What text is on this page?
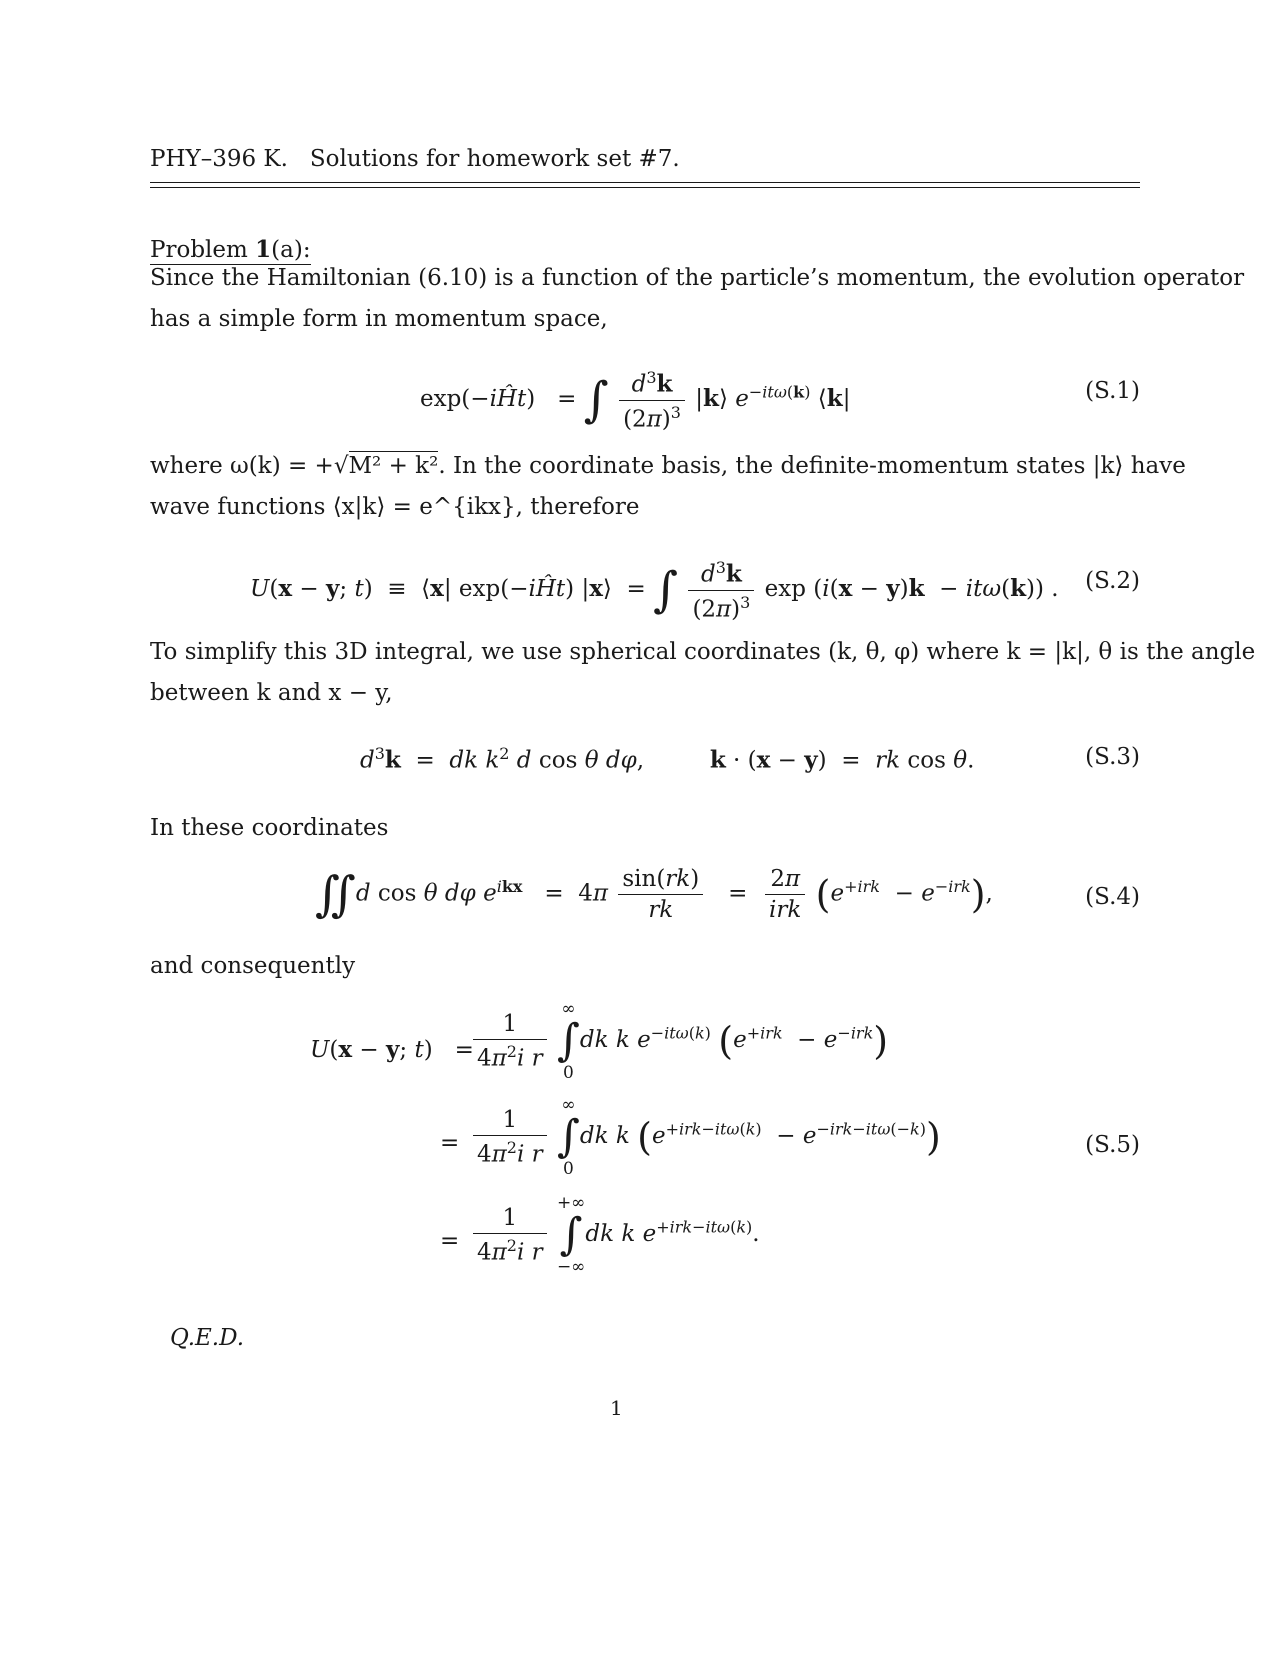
PHY–396 K. Solutions for homework set #7.
Problem 1(a):
Since the Hamiltonian (6.10) is a function of the particle’s momentum, the evolution operator
has a simple form in momentum space,
exp(−iĤt)   = ∫ $\frac{d^3k}{(2\pi)^3}$ |k⟩ $e^{-it\omega(k)}$ ⟨k|	(S.1)
where ω(k) = +√M² + k². In the coordinate basis, the definite-momentum states |k⟩ have
wave functions ⟨x|k⟩ = e^{ikx}, therefore
U(x − y; t)  ≡  ⟨x| exp(−iĤt) |x⟩  = ∫ $\frac{d^3k}{(2\pi)^3}$ exp (i(x − y)k  − itω(k)) . (S.2)
To simplify this 3D integral, we use spherical coordinates (k, θ, φ) where k = |k|, θ is the angle
between k and x − y,
$d^3k$  =  dk $k^2$ d cos θ dφ,         k · (x − y)  =  rk cos θ.	(S.3)
In these coordinates
∬d cos θ dφ $e^{ikx} = 4\pi \frac{\sin(rk)}{rk} = \frac{2\pi}{\text{irk}} (e^{+irk} - e^{-irk})$,	(S.4)
and consequently
U(x − y; $t) = \frac{1}{4\pi^2i r}$

∞
∫
0
dk k $e^{-it\omega(k)}$ $(e^{+irk} - e^{-irk})$
= $\frac{1}{4\pi^2i r}$

∞
∫
0
dk k $(e^{+irk-it\omega(k)} - e^{-irk-it\omega(-k)})$	(S.5)
= $\frac{1}{4\pi^2i r}$

+∞
∫
−∞
dk k $e^{+irk-it\omega(k)}$.
Q.E.D.
1
